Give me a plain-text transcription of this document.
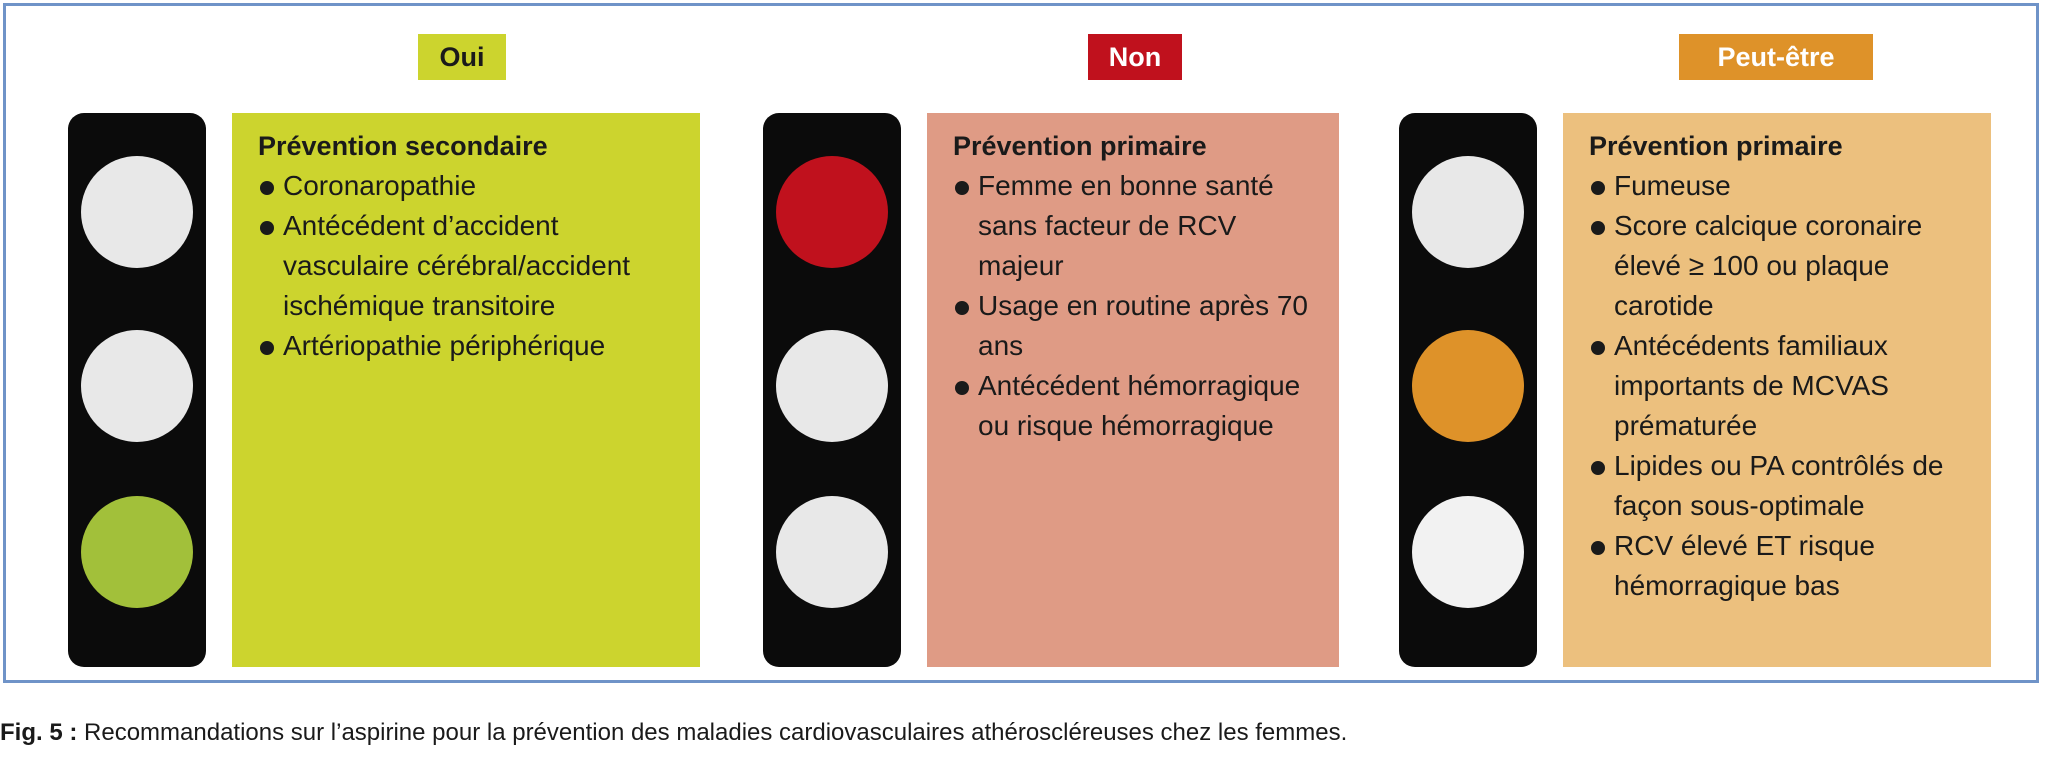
Oui

Prévention secondaire

Coronaropathie
Antécédent d’accident vasculaire cérébral/accident ischémique transitoire
Artériopathie périphérique
Non

Prévention primaire

Femme en bonne santé sans facteur de RCV majeur
Usage en routine après 70 ans
Antécédent hémorragique ou risque hémorragique
Peut-être

Prévention primaire

Fumeuse
Score calcique coronaire élevé ≥ 100 ou plaque carotide
Antécédents familiaux importants de MCVAS prématurée
Lipides ou PA contrôlés de façon sous-optimale
RCV élevé ET risque hémorragique bas
Fig. 5 : Recommandations sur l’aspirine pour la prévention des maladies cardiovasculaires athéroscléreuses chez les femmes.
